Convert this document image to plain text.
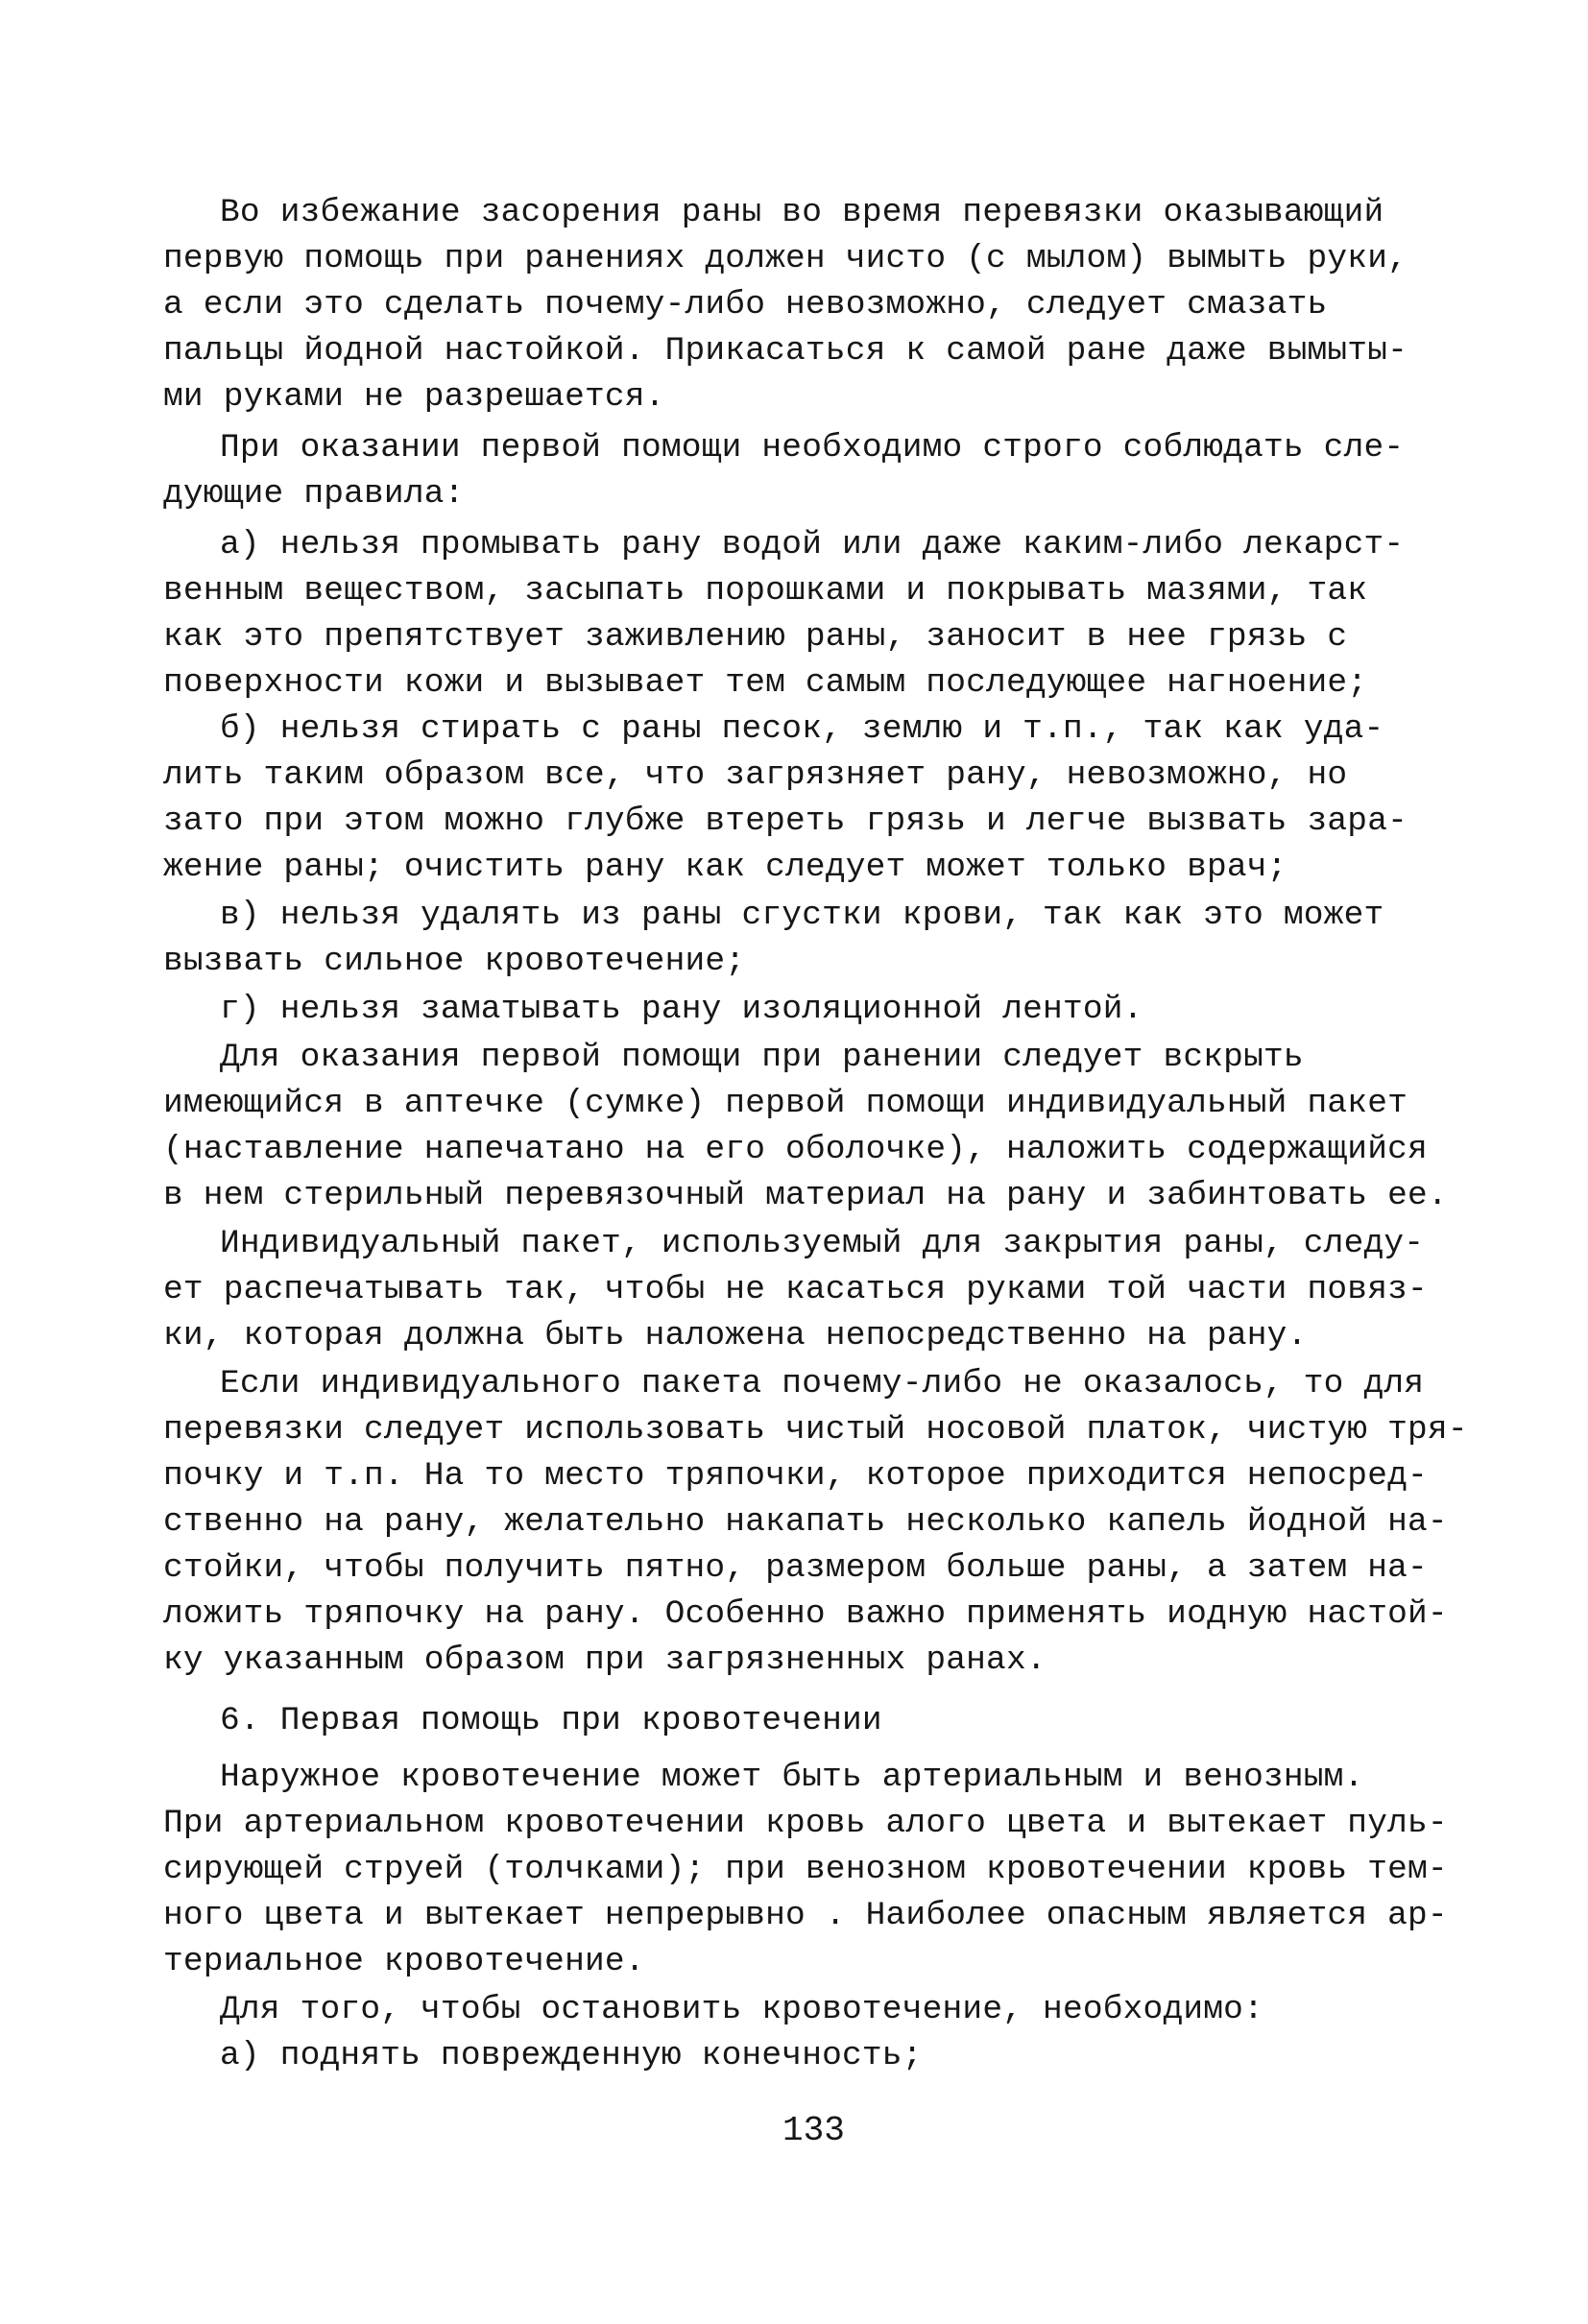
Во избежание засорения раны во время перевязки оказывающий
первую помощь при ранениях должен чисто (с мылом) вымыть руки,
а если это сделать почему-либо невозможно, следует смазать
пальцы йодной настойкой. Прикасаться к самой ране даже вымыты-
ми руками не разрешается.
При оказании первой помощи необходимо строго соблюдать сле-
дующие правила:
а) нельзя промывать рану водой или даже каким-либо лекарст-
венным веществом, засыпать порошками и покрывать мазями, так
как это препятствует заживлению раны, заносит в нее грязь с
поверхности кожи и вызывает тем самым последующее нагноение;
б) нельзя стирать с раны песок, землю и т.п., так как уда-
лить таким образом все, что загрязняет рану, невозможно, но
зато при этом можно глубже втереть грязь и легче вызвать зара-
жение раны; очистить рану как следует может только врач;
в) нельзя удалять из раны сгустки крови, так как это может
вызвать сильное кровотечение;
г) нельзя заматывать рану изоляционной лентой.
Для оказания первой помощи при ранении следует вскрыть
имеющийся в аптечке (сумке) первой помощи индивидуальный пакет
(наставление напечатано на его оболочке), наложить содержащийся
в нем стерильный перевязочный материал на рану и забинтовать ее.
Индивидуальный пакет, используемый для закрытия раны, следу-
ет распечатывать так, чтобы не касаться руками той части повяз-
ки, которая должна быть наложена непосредственно на рану.
Если индивидуального пакета почему-либо не оказалось, то для
перевязки следует использовать чистый носовой платок, чистую тря-
почку и т.п. На то место тряпочки, которое приходится непосред-
ственно на рану, желательно накапать несколько капель йодной на-
стойки, чтобы получить пятно, размером больше раны, а затем на-
ложить тряпочку на рану. Особенно важно применять иодную настой-
ку указанным образом при загрязненных ранах.
6. Первая помощь при кровотечении
Наружное кровотечение может быть артериальным и венозным.
При артериальном кровотечении кровь алого цвета и вытекает пуль-
сирующей струей (толчками); при венозном кровотечении кровь тем-
ного цвета и вытекает непрерывно . Наиболее опасным является ар-
териальное кровотечение.
Для того, чтобы остановить кровотечение, необходимо:
а) поднять поврежденную конечность;
133
